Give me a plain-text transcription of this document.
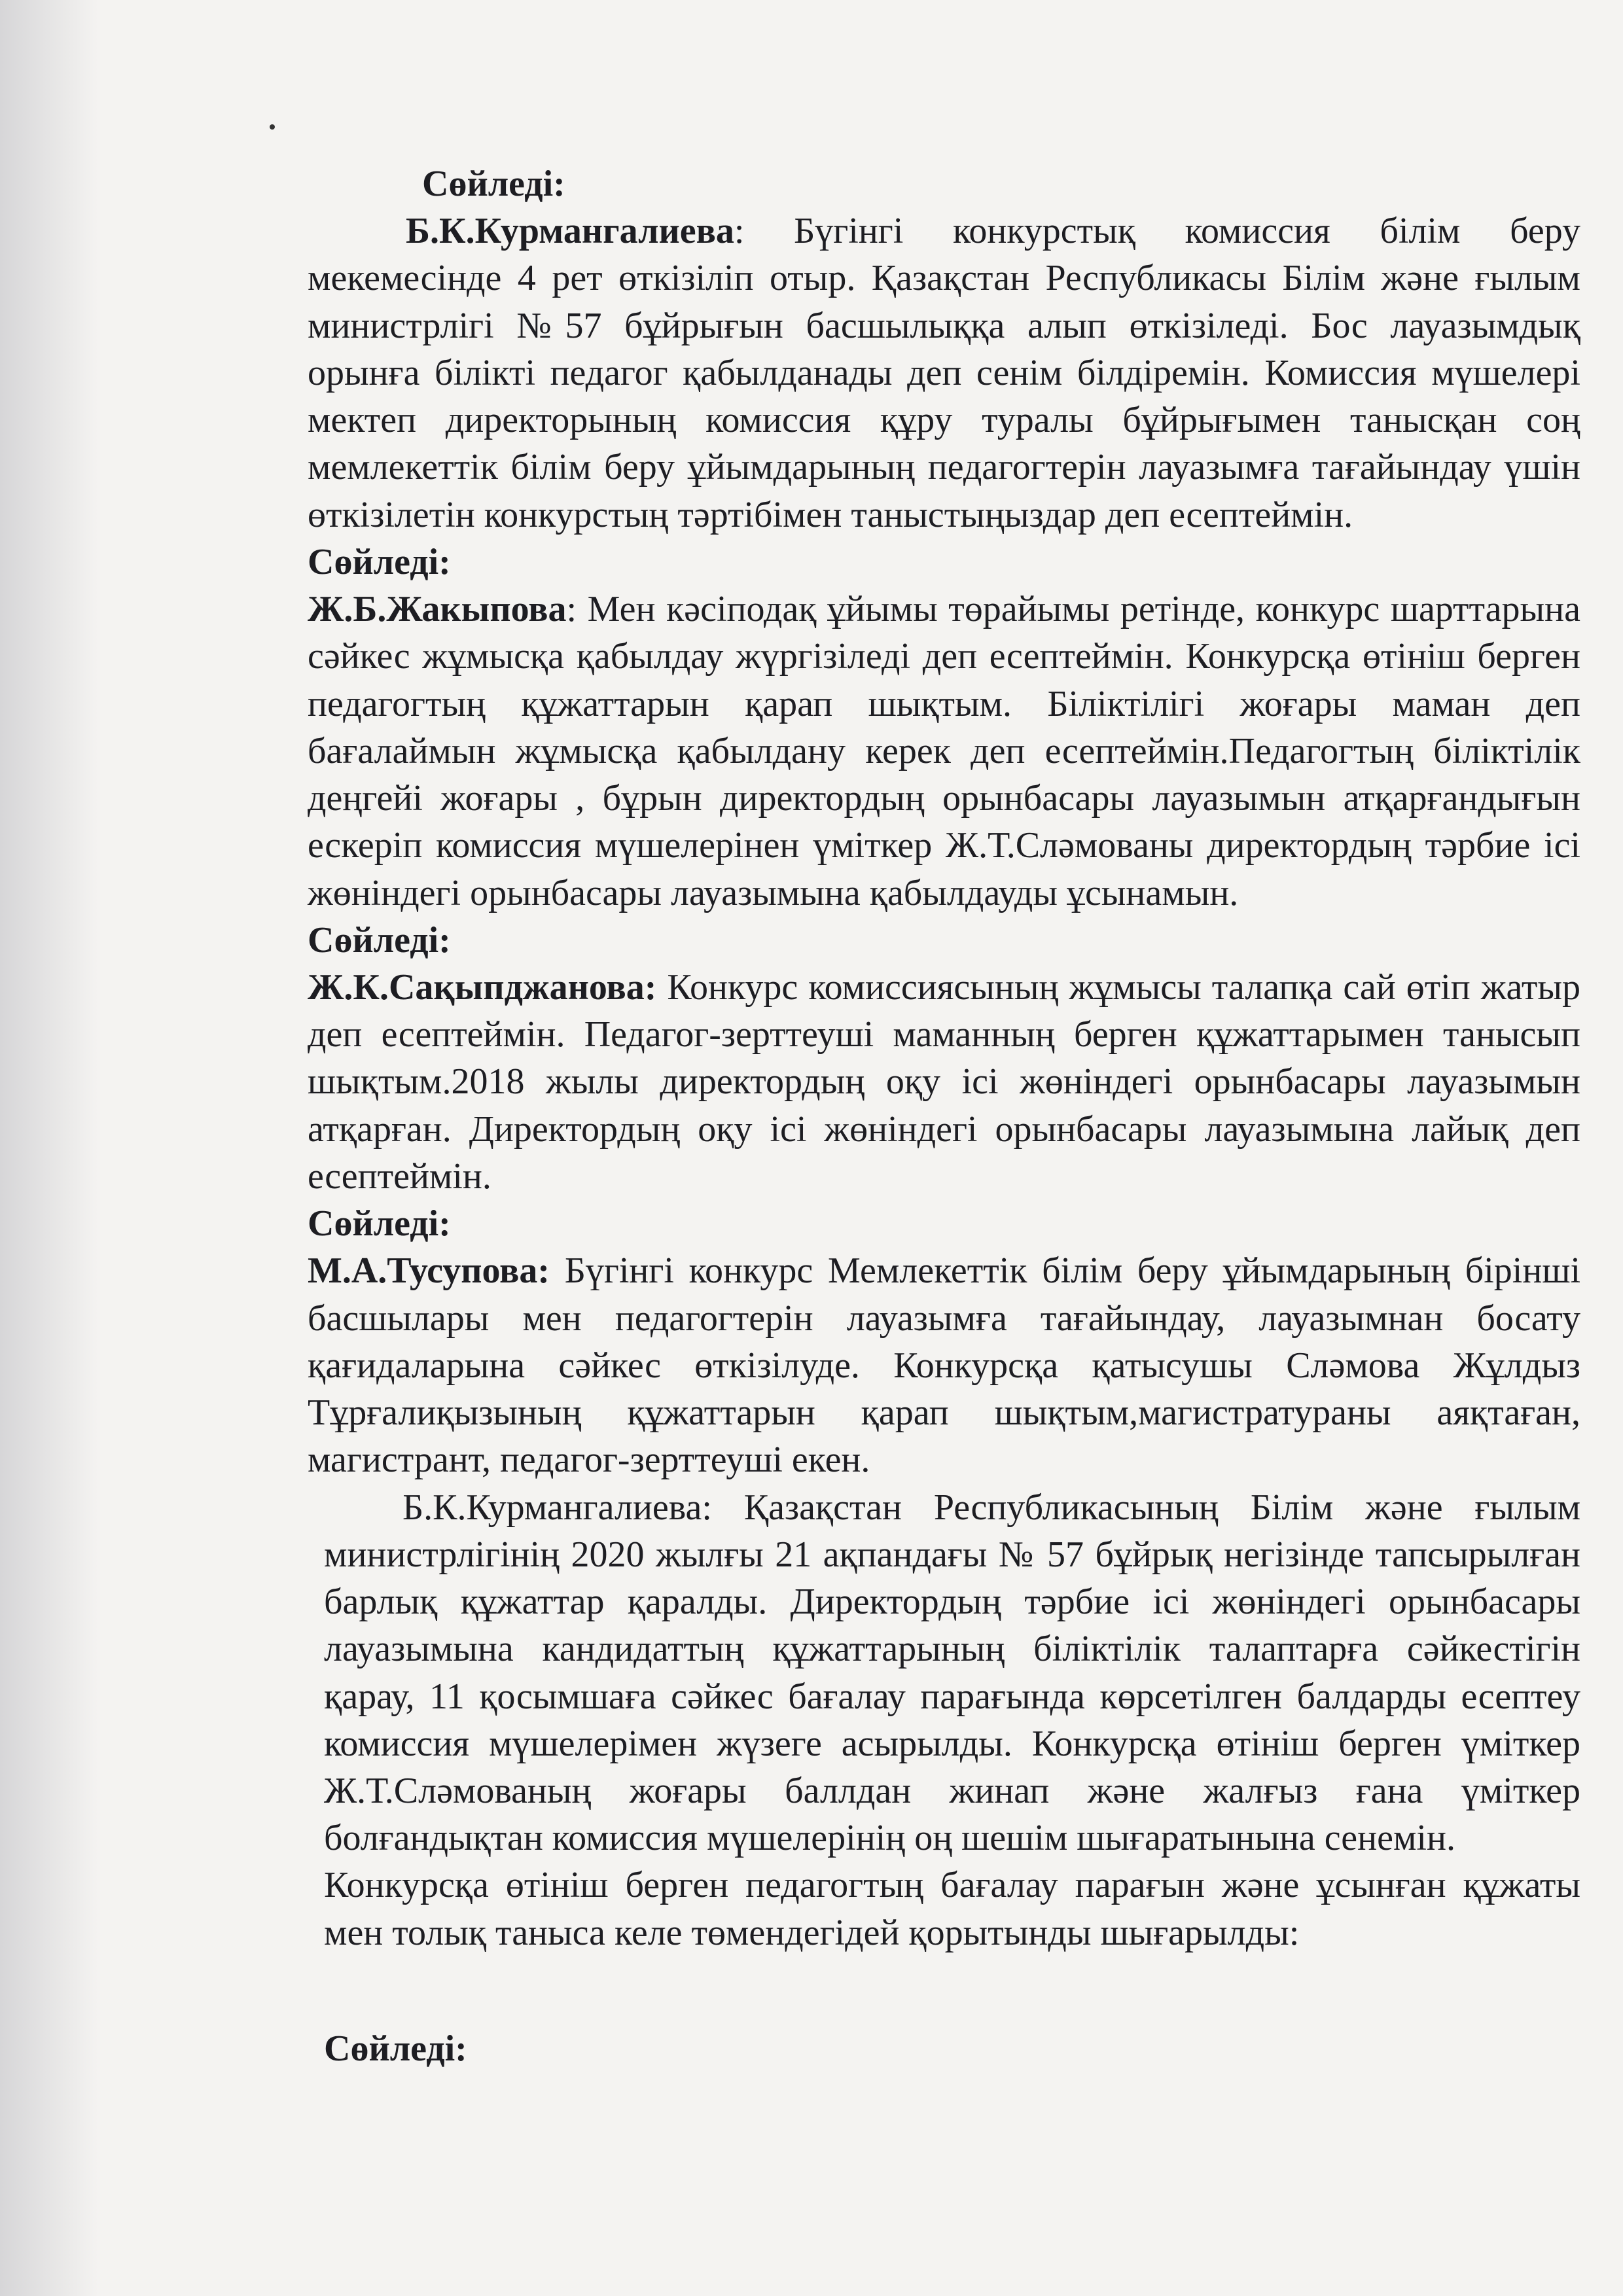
Сөйледі:

Б.К.Курмангалиева: Бүгінгі конкурстық комиссия білім беру мекемесінде 4 рет өткізіліп отыр. Қазақстан Республикасы Білім және ғылым министрлігі №57 бұйрығын басшылыққа алып өткізіледі. Бос лауазымдық орынға білікті педагог қабылданады деп сенім білдіремін. Комиссия мүшелері мектеп директорының комиссия құру туралы бұйрығымен танысқан соң мемлекеттік білім беру ұйымдарының педагогтерін лауазымға тағайындау үшін өткізілетін конкурстың тәртібімен таныстыңыздар деп есептеймін.

Сөйледі:

Ж.Б.Жакыпова: Мен кәсіподақ ұйымы төрайымы ретінде, конкурс шарттарына сәйкес жұмысқа қабылдау жүргізіледі деп есептеймін. Конкурсқа өтініш берген педагогтың құжаттарын қарап шықтым. Біліктілігі жоғары маман деп бағалаймын жұмысқа қабылдану керек деп есептеймін.Педагогтың біліктілік деңгейі жоғары , бұрын директордың орынбасары лауазымын атқарғандығын ескеріп комиссия мүшелерінен үміткер Ж.Т.Сләмованы директордың тәрбие ісі жөніндегі орынбасары лауазымына қабылдауды ұсынамын.

Сөйледі:

Ж.К.Сақыпджанова: Конкурс комиссиясының жұмысы талапқа сай өтіп жатыр деп есептеймін. Педагог-зерттеуші маманның берген құжаттарымен танысып шықтым.2018 жылы директордың оқу ісі жөніндегі орынбасары лауазымын атқарған. Директордың оқу ісі жөніндегі орынбасары лауазымына лайық деп есептеймін.

Сөйледі:

М.А.Тусупова: Бүгінгі конкурс Мемлекеттік білім беру ұйымдарының бірінші басшылары мен педагогтерін лауазымға тағайындау, лауазымнан босату қағидаларына сәйкес өткізілуде. Конкурсқа қатысушы Сләмова Жұлдыз Тұрғалиқызының құжаттарын қарап шықтым,магистратураны аяқтаған, магистрант, педагог-зерттеуші екен.

Б.К.Курмангалиева: Қазақстан Республикасының Білім және ғылым министрлігінің 2020 жылғы 21 ақпандағы № 57 бұйрық негізінде тапсырылған барлық құжаттар қаралды. Директордың тәрбие ісі жөніндегі орынбасары лауазымына кандидаттың құжаттарының біліктілік талаптарға сәйкестігін қарау, 11 қосымшаға сәйкес бағалау парағында көрсетілген балдарды есептеу комиссия мүшелерімен жүзеге асырылды. Конкурсқа өтініш берген үміткер Ж.Т.Сләмованың жоғары баллдан жинап және жалғыз ғана үміткер болғандықтан комиссия мүшелерінің оң шешім шығаратынына сенемін.

Конкурсқа өтініш берген педагогтың бағалау парағын және ұсынған құжаты мен толық таныса келе төмендегідей қорытынды шығарылды:

Сөйледі:
